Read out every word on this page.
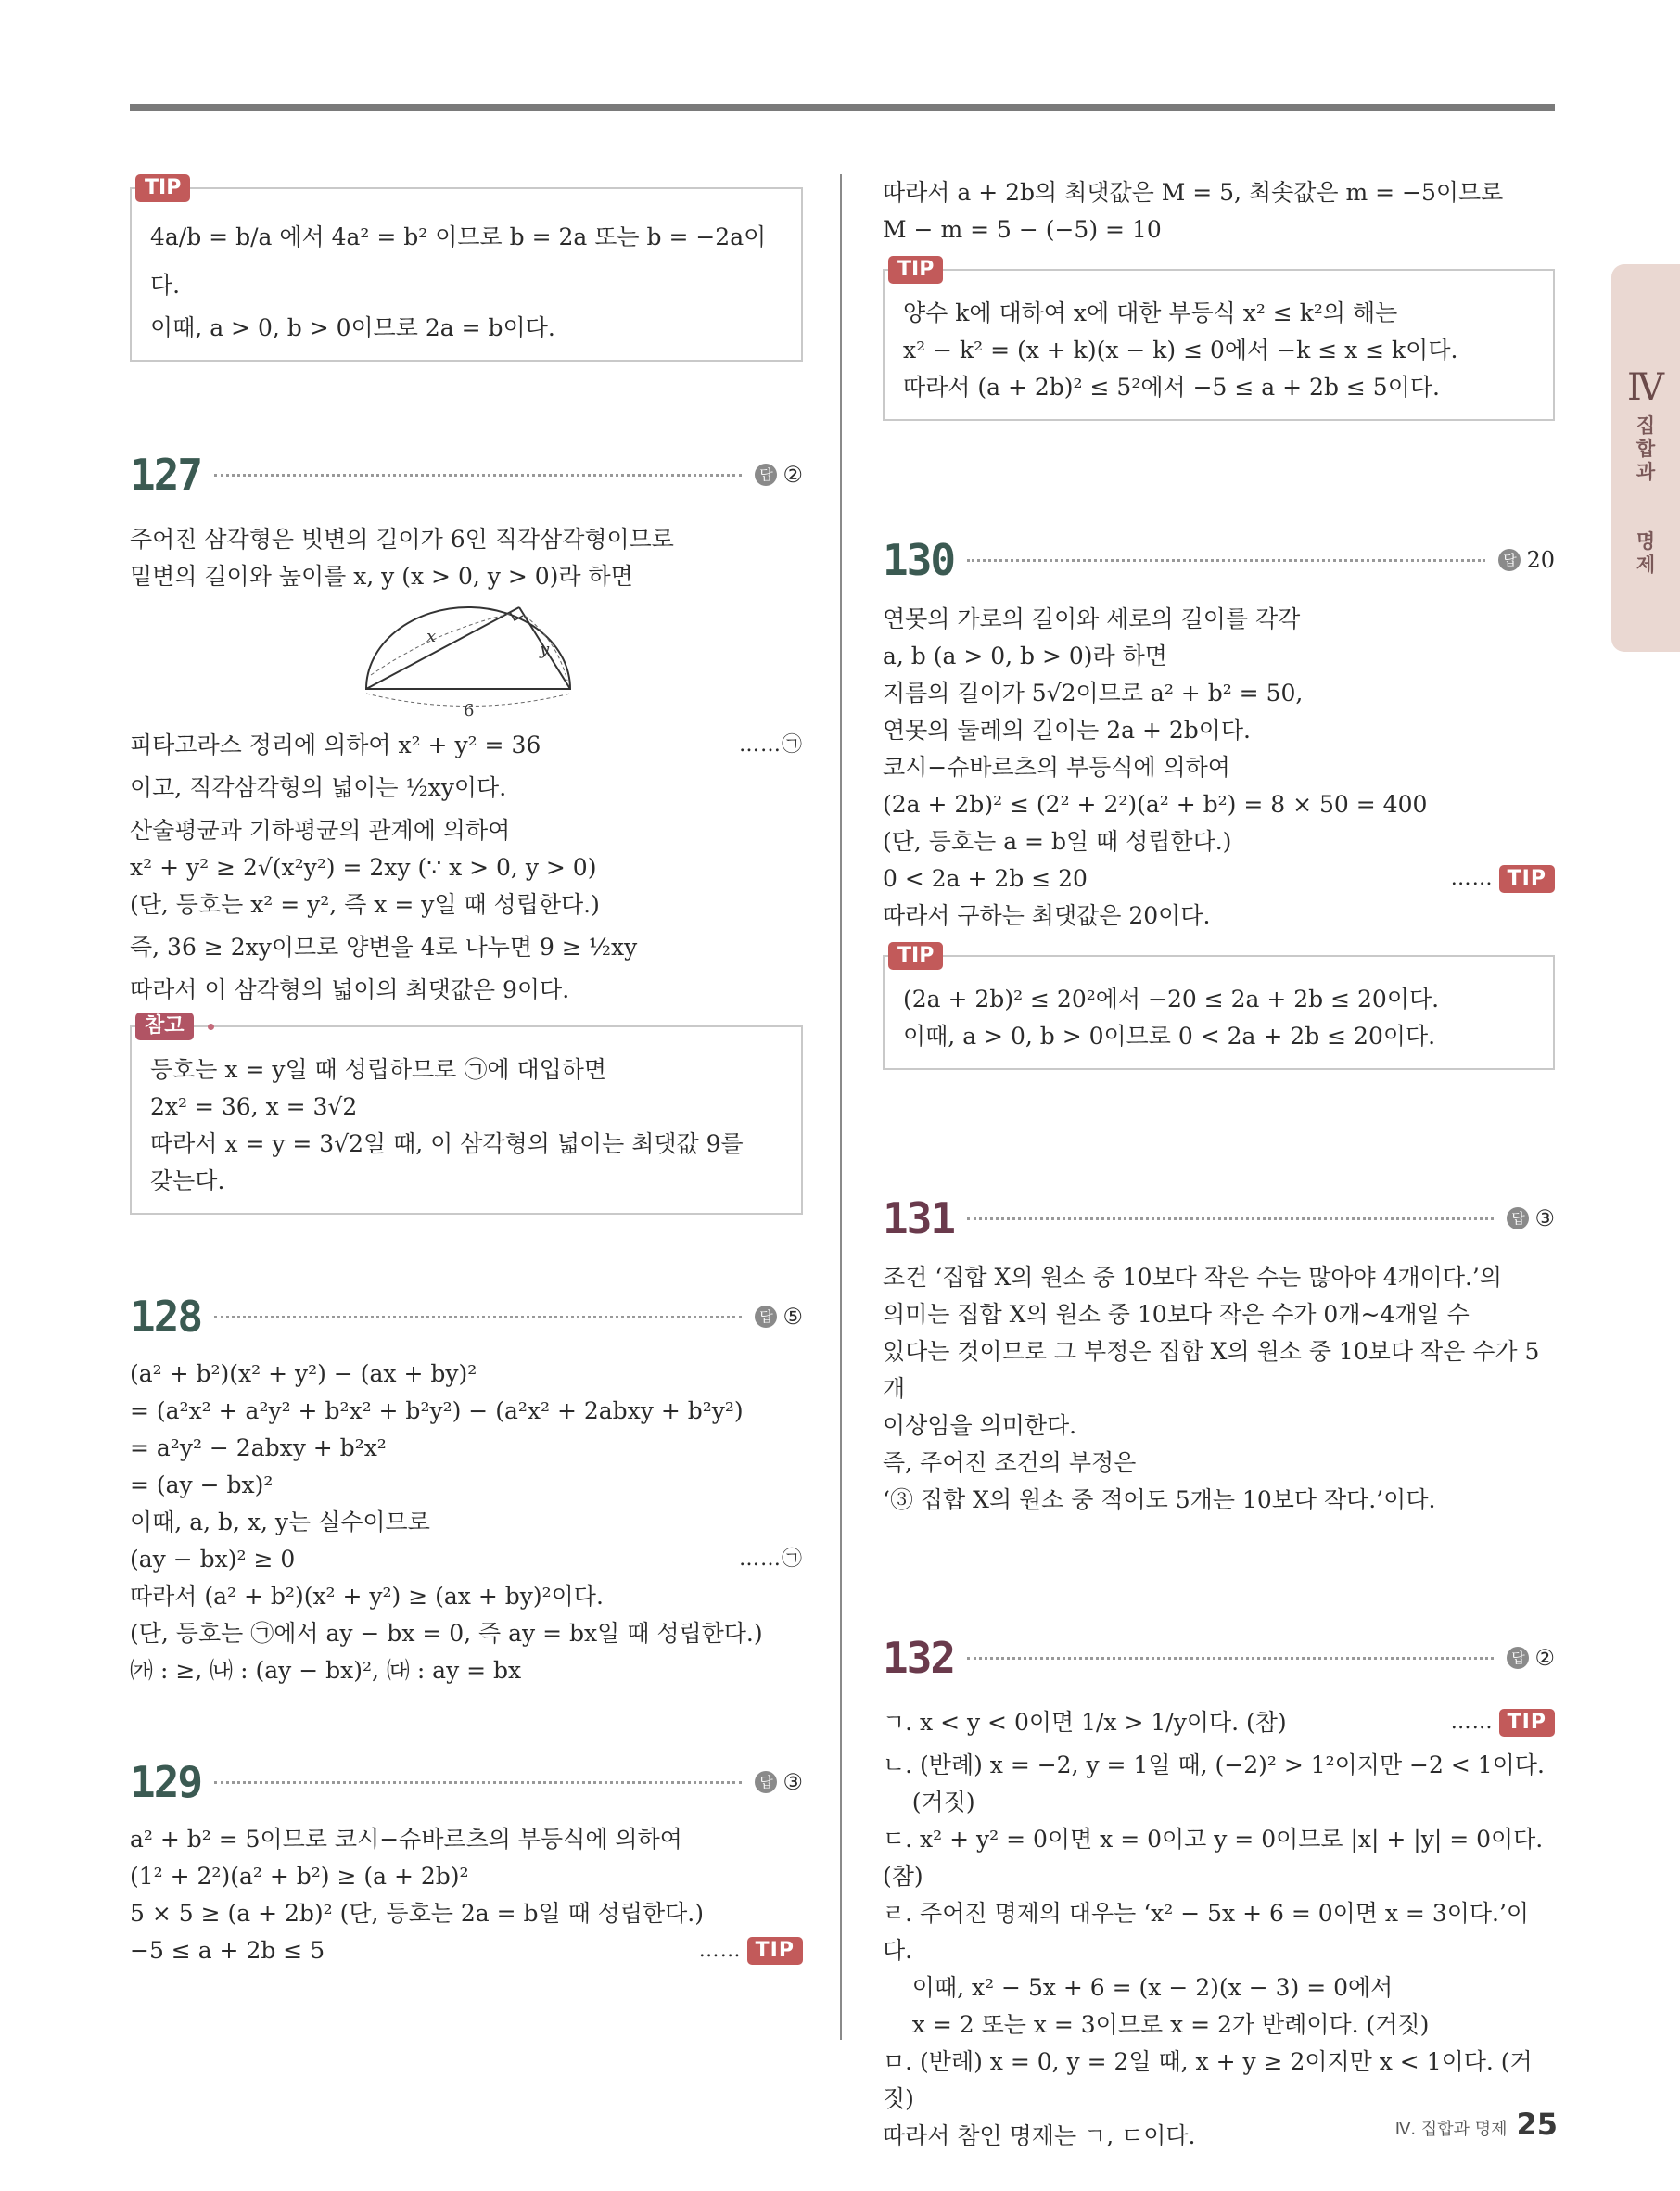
TIP
4a/b = b/a 에서 4a² = b² 이므로 b = 2a 또는 b = −2a이다.
이때, a > 0, b > 0이므로 2a = b이다.
127	답 ②
주어진 삼각형은 빗변의 길이가 6인 직각삼각형이므로
밑변의 길이와 높이를 x, y (x > 0, y > 0)라 하면
x
y
6
피타고라스 정리에 의하여 x² + y² = 36	……㉠
이고, 직각삼각형의 넓이는 ½xy이다.
산술평균과 기하평균의 관계에 의하여
x² + y² ≥ 2√(x²y²) = 2xy (∵ x > 0, y > 0)
(단, 등호는 x² = y², 즉 x = y일 때 성립한다.)
즉, 36 ≥ 2xy이므로 양변을 4로 나누면 9 ≥ ½xy
따라서 이 삼각형의 넓이의 최댓값은 9이다.
참고
등호는 x = y일 때 성립하므로 ㉠에 대입하면
2x² = 36, x = 3√2
따라서 x = y = 3√2일 때, 이 삼각형의 넓이는 최댓값 9를
갖는다.
128	답 ⑤
(a² + b²)(x² + y²) − (ax + by)²
= (a²x² + a²y² + b²x² + b²y²) − (a²x² + 2abxy + b²y²)
= a²y² − 2abxy + b²x²
= (ay − bx)²
이때, a, b, x, y는 실수이므로
(ay − bx)² ≥ 0	……㉠
따라서 (a² + b²)(x² + y²) ≥ (ax + by)²이다.
(단, 등호는 ㉠에서 ay − bx = 0, 즉 ay = bx일 때 성립한다.)
㈎ : ≥, ㈏ : (ay − bx)², ㈐ : ay = bx
129	답 ③
a² + b² = 5이므로 코시−슈바르츠의 부등식에 의하여
(1² + 2²)(a² + b²) ≥ (a + 2b)²
5 × 5 ≥ (a + 2b)² (단, 등호는 2a = b일 때 성립한다.)
−5 ≤ a + 2b ≤ 5	…… TIP
따라서 a + 2b의 최댓값은 M = 5, 최솟값은 m = −5이므로
M − m = 5 − (−5) = 10
TIP
양수 k에 대하여 x에 대한 부등식 x² ≤ k²의 해는
x² − k² = (x + k)(x − k) ≤ 0에서 −k ≤ x ≤ k이다.
따라서 (a + 2b)² ≤ 5²에서 −5 ≤ a + 2b ≤ 5이다.
130	답 20
연못의 가로의 길이와 세로의 길이를 각각
a, b (a > 0, b > 0)라 하면
지름의 길이가 5√2이므로 a² + b² = 50,
연못의 둘레의 길이는 2a + 2b이다.
코시−슈바르츠의 부등식에 의하여
(2a + 2b)² ≤ (2² + 2²)(a² + b²) = 8 × 50 = 400
(단, 등호는 a = b일 때 성립한다.)
0 < 2a + 2b ≤ 20	…… TIP
따라서 구하는 최댓값은 20이다.
TIP
(2a + 2b)² ≤ 20²에서 −20 ≤ 2a + 2b ≤ 20이다.
이때, a > 0, b > 0이므로 0 < 2a + 2b ≤ 20이다.
131	답 ③
조건 ‘집합 X의 원소 중 10보다 작은 수는 많아야 4개이다.’의
의미는 집합 X의 원소 중 10보다 작은 수가 0개~4개일 수
있다는 것이므로 그 부정은 집합 X의 원소 중 10보다 작은 수가 5개
이상임을 의미한다.
즉, 주어진 조건의 부정은
‘③ 집합 X의 원소 중 적어도 5개는 10보다 작다.’이다.
132	답 ②
ㄱ. x < y < 0이면 1/x > 1/y이다. (참)	…… TIP
ㄴ. (반례) x = −2, y = 1일 때, (−2)² > 1²이지만 −2 < 1이다.
(거짓)
ㄷ. x² + y² = 0이면 x = 0이고 y = 0이므로 |x| + |y| = 0이다. (참)
ㄹ. 주어진 명제의 대우는 ‘x² − 5x + 6 = 0이면 x = 3이다.’이다.
이때, x² − 5x + 6 = (x − 2)(x − 3) = 0에서
x = 2 또는 x = 3이므로 x = 2가 반례이다. (거짓)
ㅁ. (반례) x = 0, y = 2일 때, x + y ≥ 2이지만 x < 1이다. (거짓)
따라서 참인 명제는 ㄱ, ㄷ이다.
Ⅳ
집
합
과

명
제
Ⅳ. 집합과 명제 25
